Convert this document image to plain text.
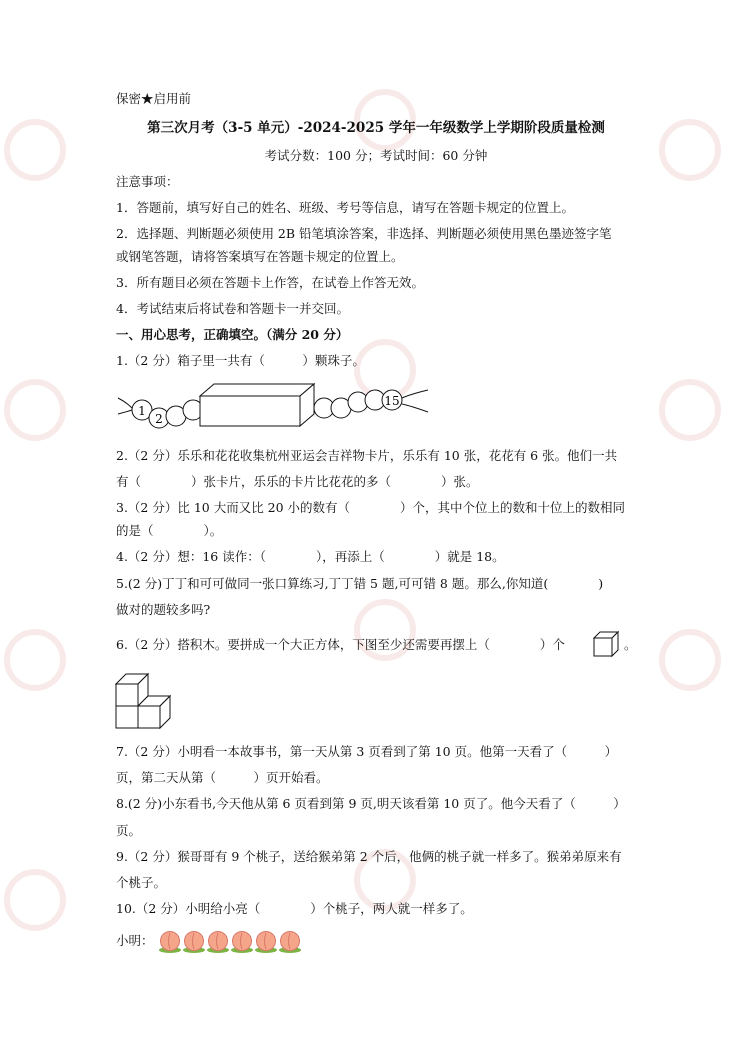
保密★启用前
第三次月考（3-5 单元）-2024-2025 学年一年级数学上学期阶段质量检测
考试分数：100 分；考试时间：60 分钟
注意事项：
1．答题前，填写好自己的姓名、班级、考号等信息，请写在答题卡规定的位置上。
2．选择题、判断题必须使用 2B 铅笔填涂答案，非选择、判断题必须使用黑色墨迹签字笔
或钢笔答题，请将答案填写在答题卡规定的位置上。
3．所有题目必须在答题卡上作答，在试卷上作答无效。
4．考试结束后将试卷和答题卡一并交回。
一、用心思考，正确填空。（满分 20 分）
1.（2 分）箱子里一共有（　　　）颗珠子。
1
2
15
2.（2 分）乐乐和花花收集杭州亚运会吉祥物卡片，乐乐有 10 张，花花有 6 张。他们一共
有（　　　　）张卡片，乐乐的卡片比花花的多（　　　　）张。
3.（2 分）比 10 大而又比 20 小的数有（　　　　）个，其中个位上的数和十位上的数相同
的是（　　　　）。
4.（2 分）想：16 读作：（　　　　），再添上（　　　　）就是 18。
5.(2 分)丁丁和可可做同一张口算练习,丁丁错 5 题,可可错 8 题。那么,你知道(　　　　)
做对的题较多吗?
6.（2 分）搭积木。要拼成一个大正方体，下图至少还需要再摆上（　　　　）个	。
7.（2 分）小明看一本故事书，第一天从第 3 页看到了第 10 页。他第一天看了（　　　）
页，第二天从第（　　　）页开始看。
8.(2 分)小东看书,今天他从第 6 页看到第 9 页,明天该看第 10 页了。他今天看了（　　　）
页。
9.（2 分）猴哥哥有 9 个桃子，送给猴弟第 2 个后，他俩的桃子就一样多了。猴弟弟原来有
个桃子。
10.（2 分）小明给小亮（　　　　）个桃子，两人就一样多了。
小明：
